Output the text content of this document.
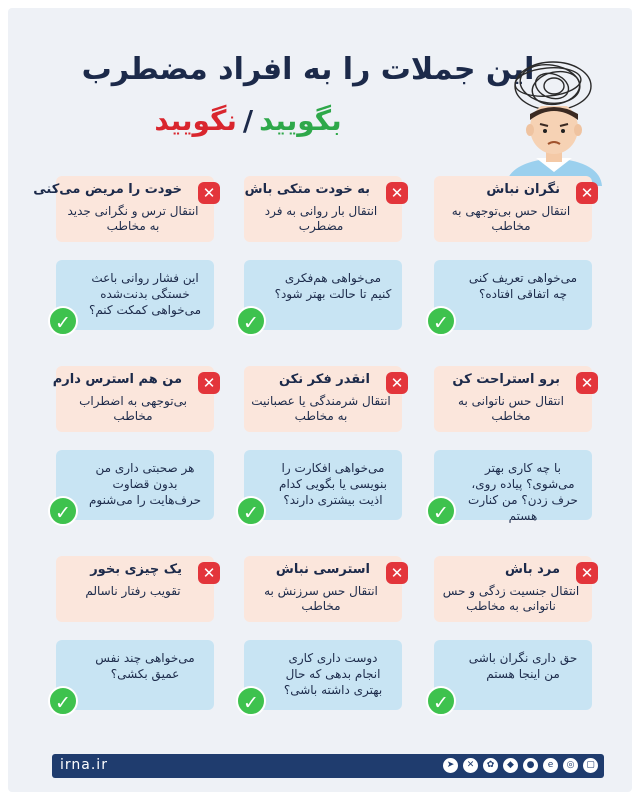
این جملات را به افراد مضطرب
بگویید/نگویید
✕
نگران نباش
انتقال حس بی‌توجهی به مخاطب
می‌خواهی تعریف کنی چه اتفاقی افتاده؟
✓
✕
به خودت متکی باش
انتقال بار روانی به فرد مضطرب
می‌خواهی هم‌فکری کنیم تا حالت بهتر شود؟
✓
✕
خودت را مریض می‌کنی
انتقال ترس و نگرانی جدید به مخاطب
این فشار روانی باعث خستگی بدنت‌شده می‌خواهی کمکت کنم؟
✓
✕
برو استراحت کن
انتقال حس ناتوانی به مخاطب
با چه کاری بهتر می‌شوی؟ پیاده روی، حرف زدن؟ من کنارت هستم
✓
✕
انقدر فکر نکن
انتقال شرمندگی یا عصبانیت به مخاطب
می‌خواهی افکارت را بنویسی یا بگویی کدام اذیت بیشتری دارند؟
✓
✕
من هم استرس دارم
بی‌توجهی به اضطراب مخاطب
هر صحبتی داری من بدون قضاوت حرف‌هایت را می‌شنوم
✓
✕
مرد باش
انتقال جنسیت زدگی و حس ناتوانی به مخاطب
حق داری نگران باشی من اینجا هستم
✓
✕
استرسی نباش
انتقال حس سرزنش به مخاطب
دوست داری کاری انجام بدهی که حال بهتری داشته باشی؟
✓
✕
یک چیزی بخور
تقویب رفتار ناسالم
می‌خواهی چند نفس عمیق بکشی؟
✓
irna.ir	➤	✕	✿	◆	●	e	◎	▢
